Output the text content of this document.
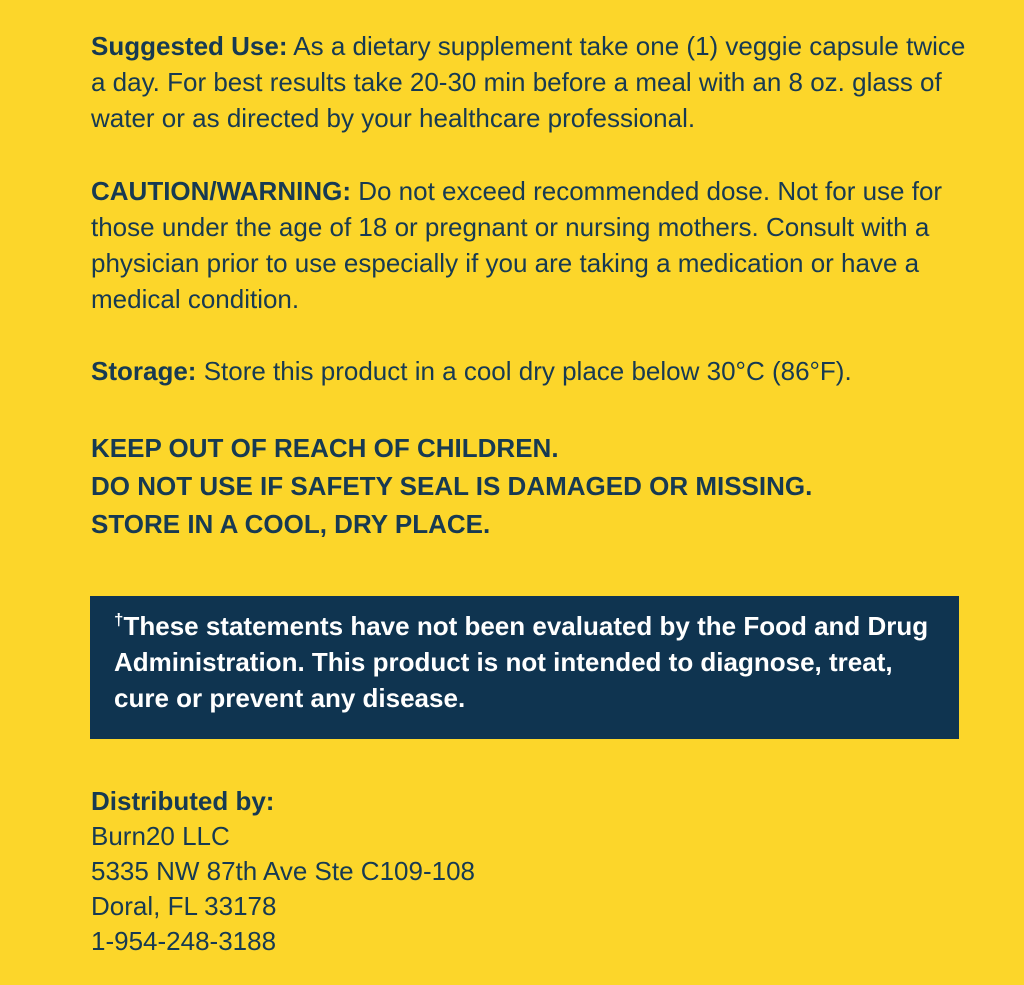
Suggested Use: As a dietary supplement take one (1) veggie capsule twice a day. For best results take 20-30 min before a meal with an 8 oz. glass of water or as directed by your healthcare professional.

CAUTION/WARNING: Do not exceed recommended dose. Not for use for those under the age of 18 or pregnant or nursing mothers. Consult with a physician prior to use especially if you are taking a medication or have a medical condition.

Storage: Store this product in a cool dry place below 30°C (86°F).

KEEP OUT OF REACH OF CHILDREN.

DO NOT USE IF SAFETY SEAL IS DAMAGED OR MISSING.

STORE IN A COOL, DRY PLACE.

†These statements have not been evaluated by the Food and Drug Administration. This product is not intended to diagnose, treat, cure or prevent any disease.

Distributed by:
Burn20 LLC
5335 NW 87th Ave Ste C109-108
Doral, FL 33178
1-954-248-3188
